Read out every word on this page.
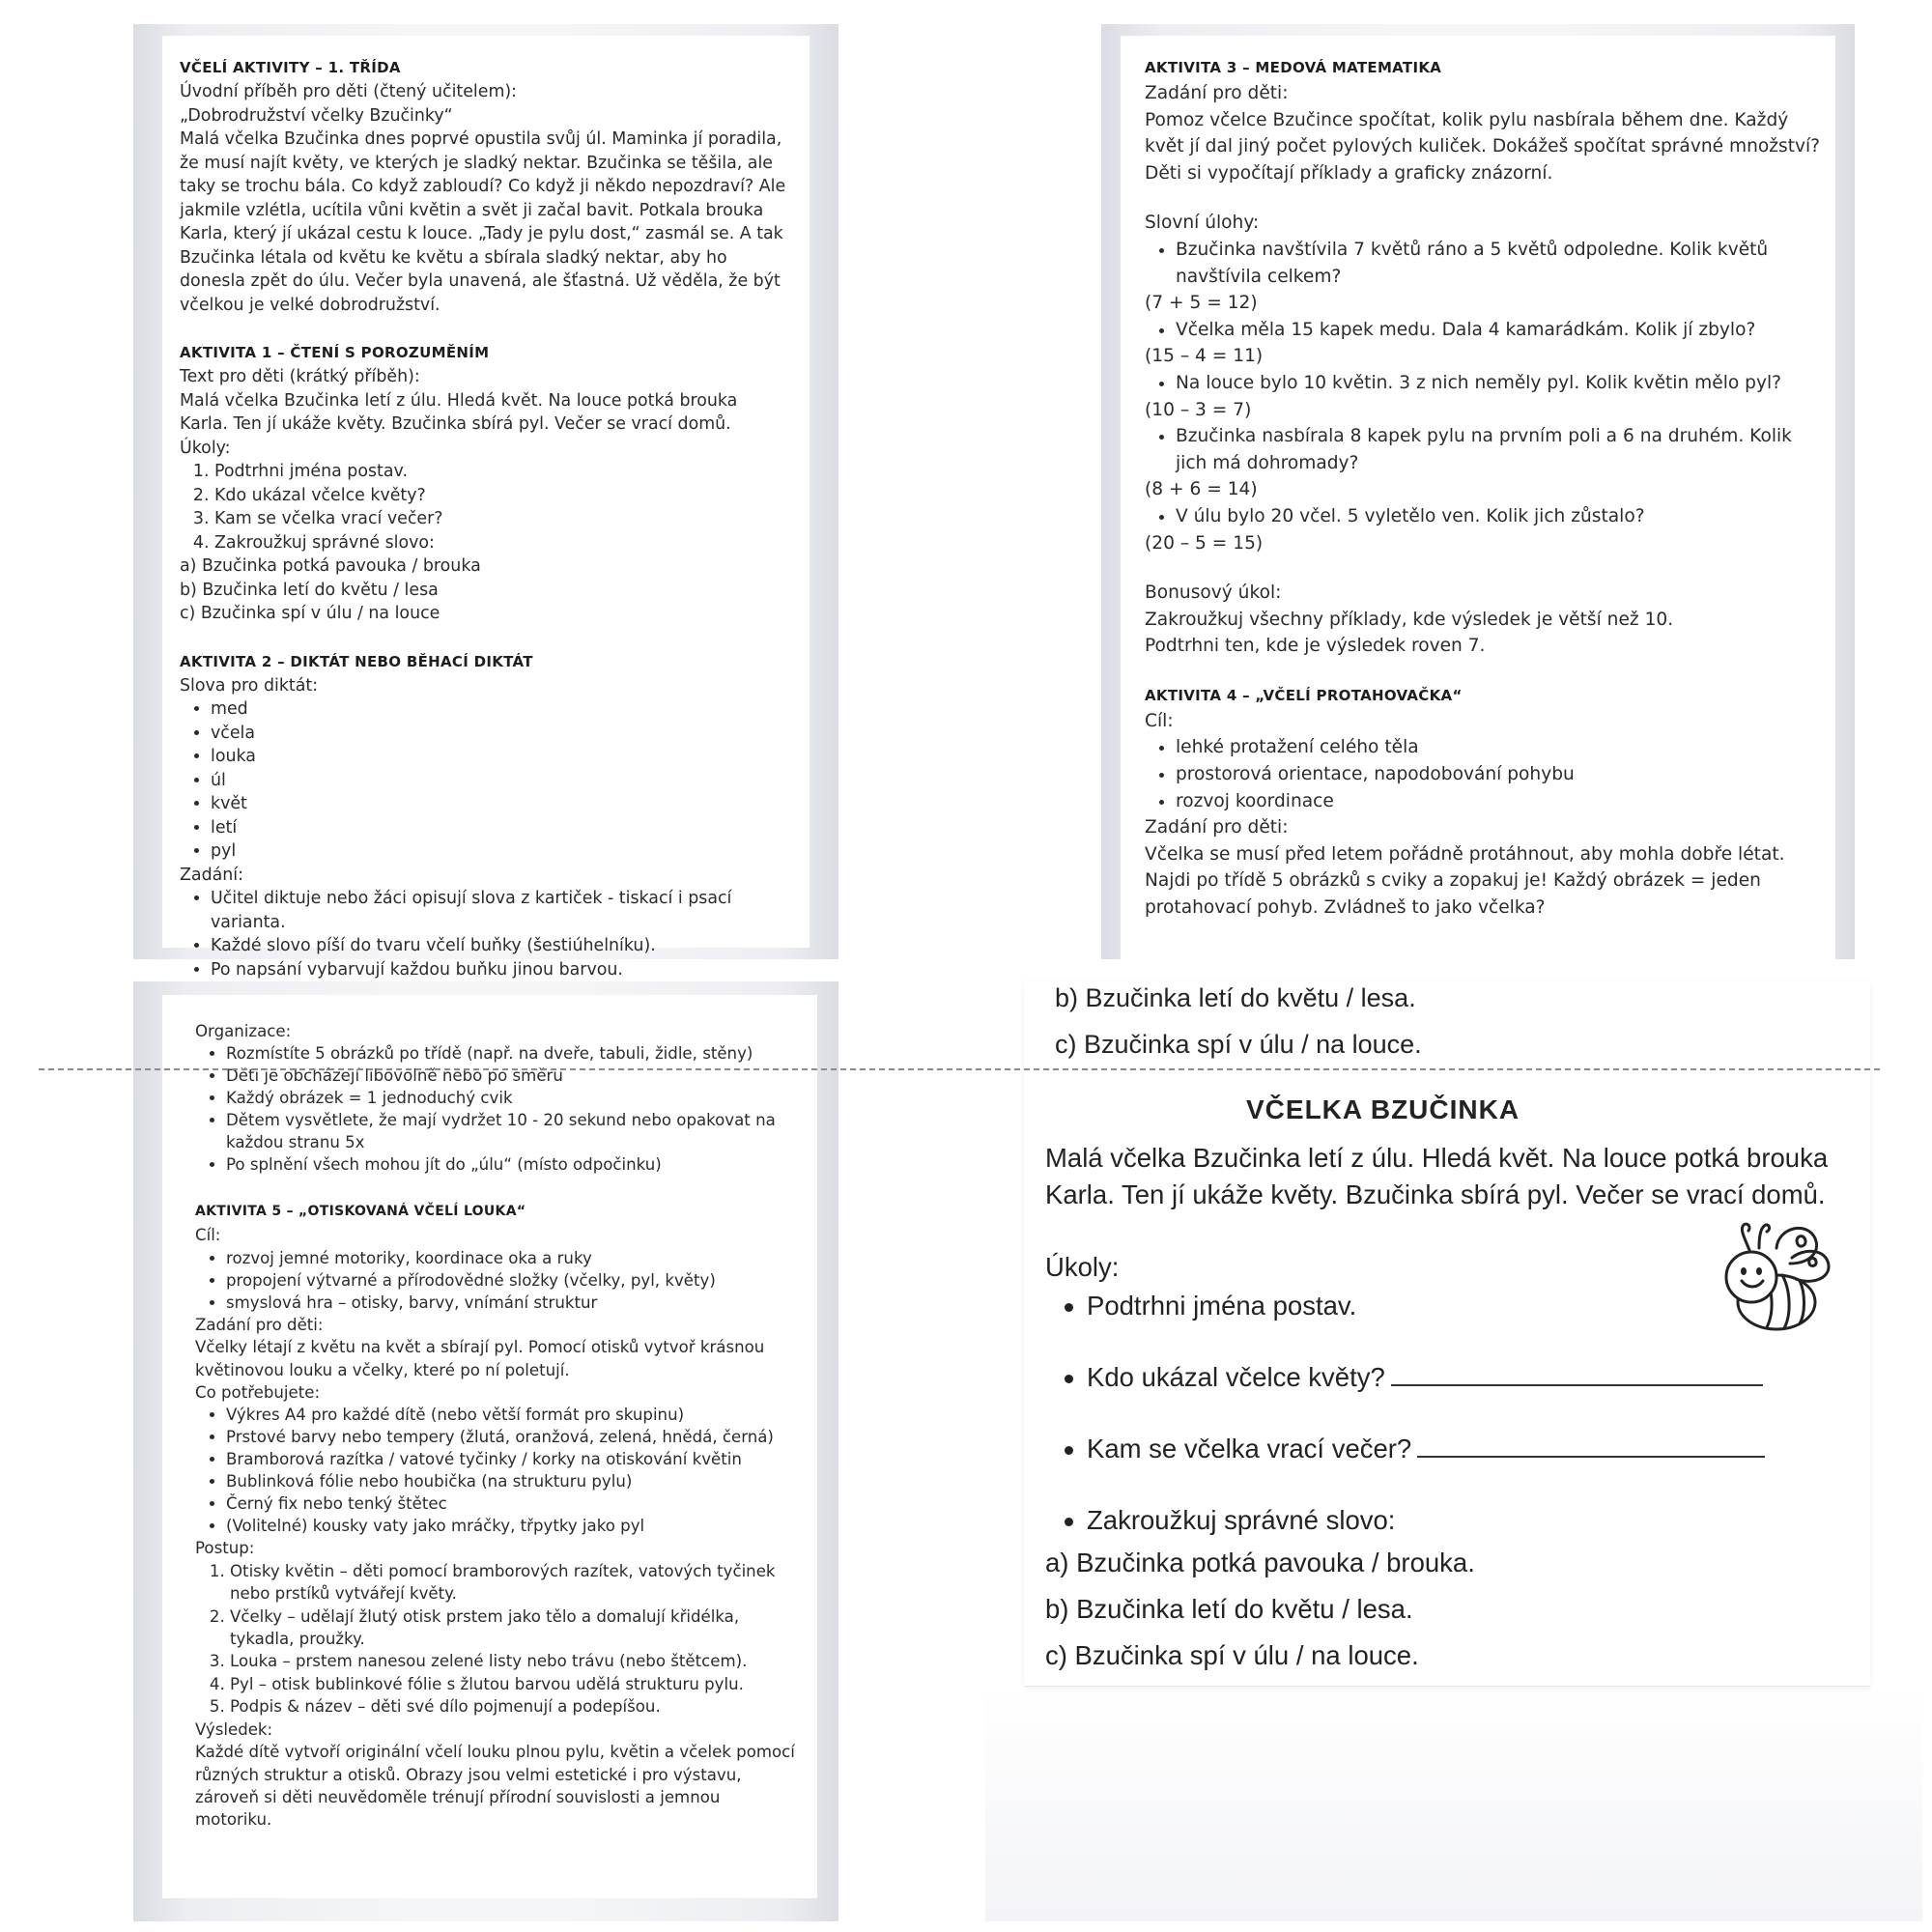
VČELÍ AKTIVITY – 1. TŘÍDA

Úvodní příběh pro děti (čtený učitelem):

„Dobrodružství včelky Bzučinky“

Malá včelka Bzučinka dnes poprvé opustila svůj úl. Maminka jí poradila, že musí najít květy, ve kterých je sladký nektar. Bzučinka se těšila, ale taky se trochu bála. Co když zabloudí? Co když ji někdo nepozdraví? Ale jakmile vzlétla, ucítila vůni květin a svět ji začal bavit. Potkala brouka Karla, který jí ukázal cestu k louce. „Tady je pylu dost,“ zasmál se. A tak Bzučinka létala od květu ke květu a sbírala sladký nektar, aby ho donesla zpět do úlu. Večer byla unavená, ale šťastná. Už věděla, že být včelkou je velké dobrodružství.

AKTIVITA 1 – ČTENÍ S POROZUMĚNÍM

Text pro děti (krátký příběh):

Malá včelka Bzučinka letí z úlu. Hledá květ. Na louce potká brouka Karla. Ten jí ukáže květy. Bzučinka sbírá pyl. Večer se vrací domů.

Úkoly:

1. Podtrhni jména postav.
2. Kdo ukázal včelce květy?
3. Kam se včelka vrací večer?
4. Zakroužkuj správné slovo:

a) Bzučinka potká pavouka / brouka

b) Bzučinka letí do květu / lesa

c) Bzučinka spí v úlu / na louce

AKTIVITA 2 – DIKTÁT NEBO BĚHACÍ DIKTÁT

Slova pro diktát:

• med
• včela
• louka
• úl
• květ
• letí
• pyl

Zadání:

• Učitel diktuje nebo žáci opisují slova z kartiček - tiskací i psací varianta.
• Každé slovo píší do tvaru včelí buňky (šestiúhelníku).
• Po napsání vybarvují každou buňku jinou barvou.

AKTIVITA 3 – MEDOVÁ MATEMATIKA

Zadání pro děti:

Pomoz včelce Bzučince spočítat, kolik pylu nasbírala během dne. Každý květ jí dal jiný počet pylových kuliček. Dokážeš spočítat správné množství?

Děti si vypočítají příklady a graficky znázorní.

Slovní úlohy:

• Bzučinka navštívila 7 květů ráno a 5 květů odpoledne. Kolik květů navštívila celkem?

(7 + 5 = 12)

• Včelka měla 15 kapek medu. Dala 4 kamarádkám. Kolik jí zbylo?

(15 – 4 = 11)

• Na louce bylo 10 květin. 3 z nich neměly pyl. Kolik květin mělo pyl?

(10 – 3 = 7)

• Bzučinka nasbírala 8 kapek pylu na prvním poli a 6 na druhém. Kolik jich má dohromady?

(8 + 6 = 14)

• V úlu bylo 20 včel. 5 vyletělo ven. Kolik jich zůstalo?

(20 – 5 = 15)

Bonusový úkol:

Zakroužkuj všechny příklady, kde výsledek je větší než 10.

Podtrhni ten, kde je výsledek roven 7.

AKTIVITA 4 – „VČELÍ PROTAHOVAČKA“

Cíl:

• lehké protažení celého těla
• prostorová orientace, napodobování pohybu
• rozvoj koordinace

Zadání pro děti:

Včelka se musí před letem pořádně protáhnout, aby mohla dobře létat. Najdi po třídě 5 obrázků s cviky a zopakuj je! Každý obrázek = jeden protahovací pohyb. Zvládneš to jako včelka?

Organizace:

• Rozmístíte 5 obrázků po třídě (např. na dveře, tabuli, židle, stěny)
• Děti je obcházejí libovolně nebo po směru
• Každý obrázek = 1 jednoduchý cvik
• Dětem vysvětlete, že mají vydržet 10 - 20 sekund nebo opakovat na každou stranu 5x
• Po splnění všech mohou jít do „úlu“ (místo odpočinku)

AKTIVITA 5 – „OTISKOVANÁ VČELÍ LOUKA“

Cíl:

• rozvoj jemné motoriky, koordinace oka a ruky
• propojení výtvarné a přírodovědné složky (včelky, pyl, květy)
• smyslová hra – otisky, barvy, vnímání struktur

Zadání pro děti:

Včelky létají z květu na květ a sbírají pyl. Pomocí otisků vytvoř krásnou květinovou louku a včelky, které po ní poletují.

Co potřebujete:

• Výkres A4 pro každé dítě (nebo větší formát pro skupinu)
• Prstové barvy nebo tempery (žlutá, oranžová, zelená, hnědá, černá)
• Bramborová razítka / vatové tyčinky / korky na otiskování květin
• Bublinková fólie nebo houbička (na strukturu pylu)
• Černý fix nebo tenký štětec
• (Volitelné) kousky vaty jako mráčky, třpytky jako pyl

Postup:

1. Otisky květin – děti pomocí bramborových razítek, vatových tyčinek nebo prstíků vytvářejí květy.
2. Včelky – udělají žlutý otisk prstem jako tělo a domalují křidélka, tykadla, proužky.
3. Louka – prstem nanesou zelené listy nebo trávu (nebo štětcem).
4. Pyl – otisk bublinkové fólie s žlutou barvou udělá strukturu pylu.
5. Podpis & název – děti své dílo pojmenují a podepíšou.

Výsledek:

Každé dítě vytvoří originální včelí louku plnou pylu, květin a včelek pomocí různých struktur a otisků. Obrazy jsou velmi estetické i pro výstavu, zároveň si děti neuvědoměle trénují přírodní souvislosti a jemnou motoriku.

b) Bzučinka letí do květu / lesa.
c) Bzučinka spí v úlu / na louce.
VČELKA BZUČINKA
Malá včelka Bzučinka letí z úlu. Hledá květ. Na louce potká brouka Karla. Ten jí ukáže květy. Bzučinka sbírá pyl. Večer se vrací domů.
Úkoly:
Podtrhni jména postav.
Kdo ukázal včelce květy?
Kam se včelka vrací večer?
Zakroužkuj správné slovo:
a) Bzučinka potká pavouka / brouka.
b) Bzučinka letí do květu / lesa.
c) Bzučinka spí v úlu / na louce.
